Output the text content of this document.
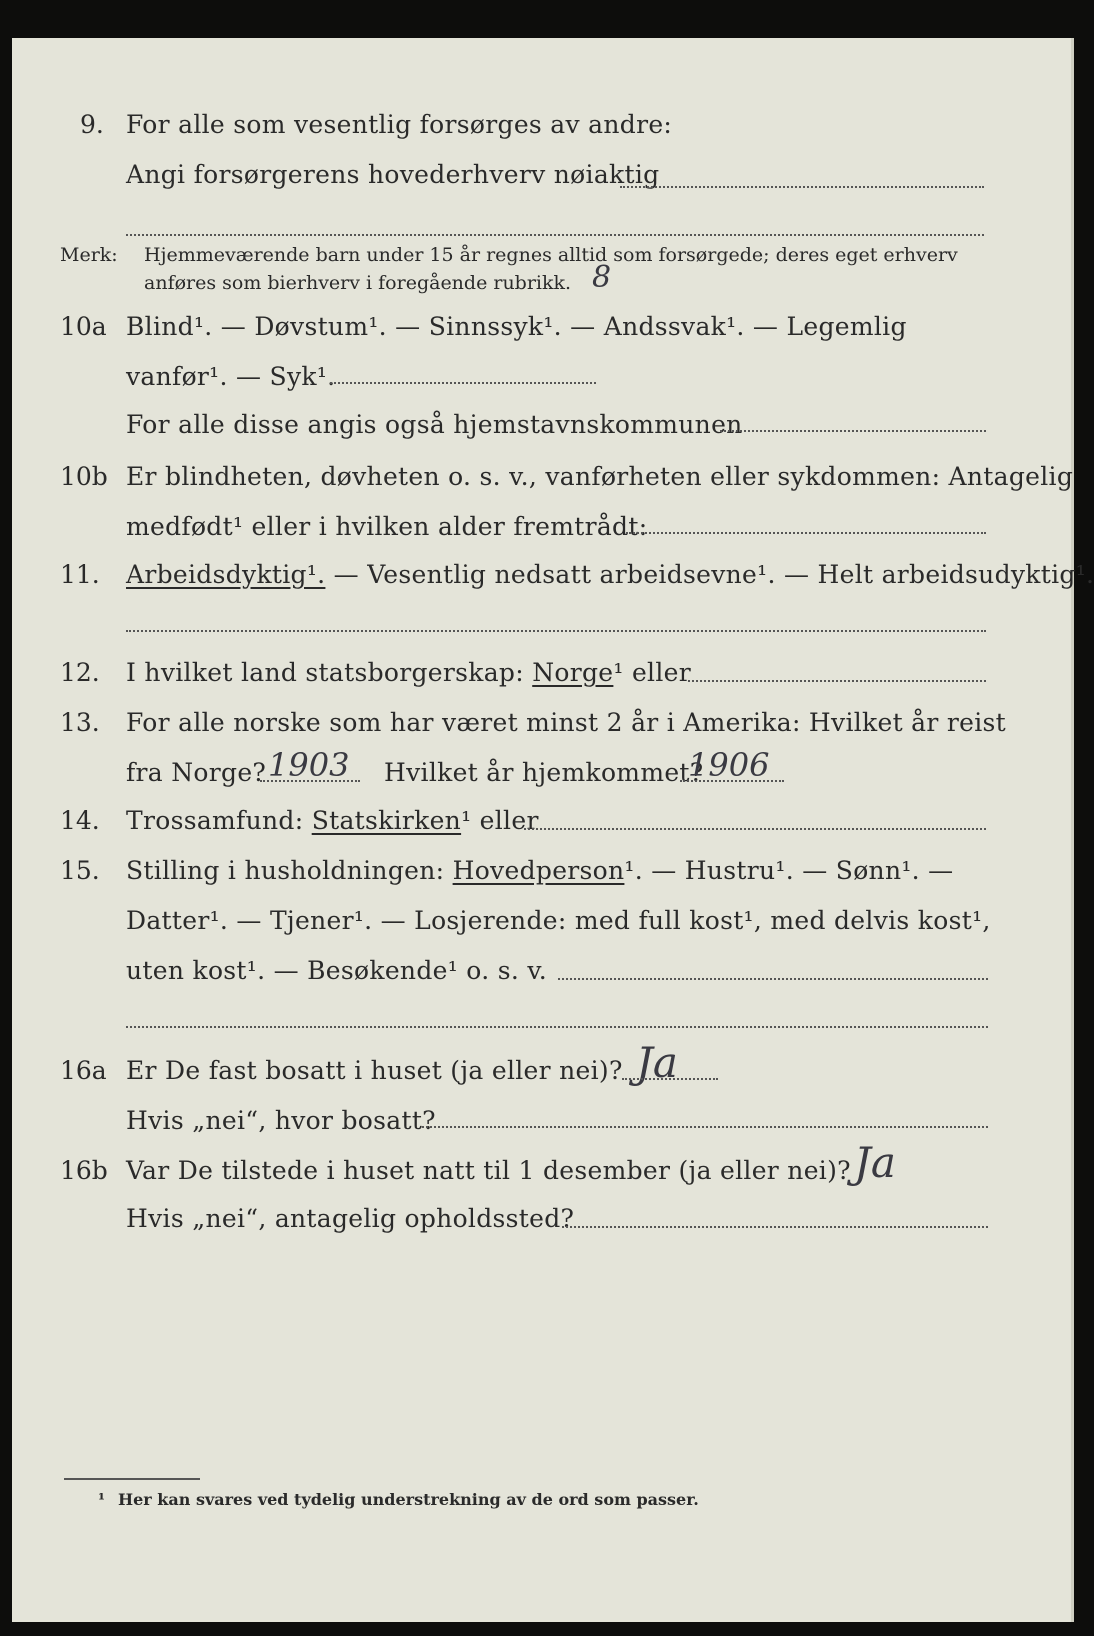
9. For alle som vesentlig forsørges av andre:
Angi forsørgerens hovederhverv nøiaktig
Merk: Hjemmeværende barn under 15 år regnes alltid som forsørgede; deres eget erhverv
anføres som bierhverv i foregående rubrikk. 8
10a Blind¹. — Døvstum¹. — Sinnssyk¹. — Andssvak¹. — Legemlig
vanfør¹. — Syk¹.
For alle disse angis også hjemstavnskommunen
10b Er blindheten, døvheten o. s. v., vanførheten eller sykdommen: Antagelig
medfødt¹ eller i hvilken alder fremtrådt:
11. Arbeidsdyktig¹. — Vesentlig nedsatt arbeidsevne¹. — Helt arbeidsudyktig¹.
12. I hvilket land statsborgerskap: Norge¹ eller
13. For alle norske som har været minst 2 år i Amerika: Hvilket år reist
fra Norge? 1903 Hvilket år hjemkommet?
1906
14. Trossamfund: Statskirken¹ eller
15. Stilling i husholdningen: Hovedperson¹. — Hustru¹. — Sønn¹. —
Datter¹. — Tjener¹. — Losjerende: med full kost¹, med delvis kost¹,
uten kost¹. — Besøkende¹ o. s. v.
16a Er De fast bosatt i huset (ja eller nei)? Ja
Hvis „nei“, hvor bosatt?
16b Var De tilstede i huset natt til 1 desember (ja eller nei)? Ja
Hvis „nei“, antagelig opholdssted?
¹ Her kan svares ved tydelig understrekning av de ord som passer.
